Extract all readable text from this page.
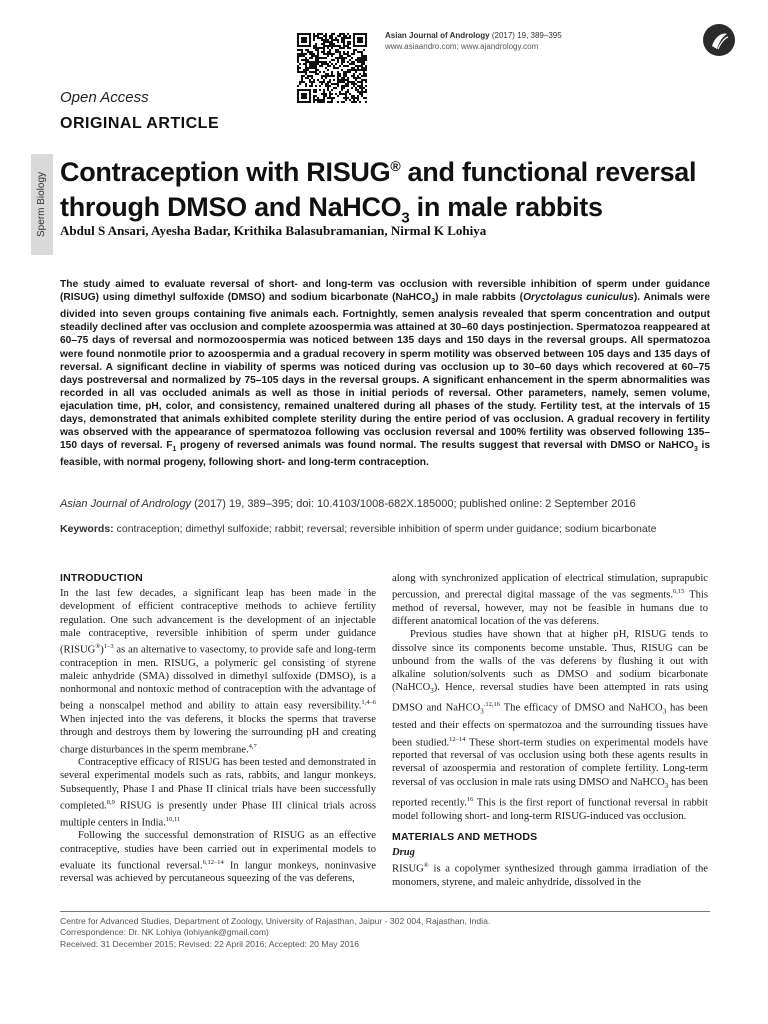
Asian Journal of Andrology (2017) 19, 389–395
www.asiaandro.com; www.ajandrology.com
Open Access
ORIGINAL ARTICLE
Sperm Biology Contraception with RISUG® and functional reversal through DMSO and NaHCO$_3$ in male rabbits
Abdul S Ansari, Ayesha Badar, Krithika Balasubramanian, Nirmal K Lohiya

The study aimed to evaluate reversal of short- and long-term vas occlusion with reversible inhibition of sperm under guidance (RISUG) using dimethyl sulfoxide (DMSO) and sodium bicarbonate (NaHCO$_3$) in male rabbits (Oryctolagus cuniculus). Animals were divided into seven groups containing five animals each. Fortnightly, semen analysis revealed that sperm concentration and output steadily declined after vas occlusion and complete azoospermia was attained at 30–60 days postinjection. Spermatozoa reappeared at 60–75 days of reversal and normozoospermia was noticed between 135 days and 150 days in the reversal groups. All spermatozoa were found nonmotile prior to azoospermia and a gradual recovery in sperm motility was observed between 105 days and 135 days of reversal. A significant decline in viability of sperms was noticed during vas occlusion up to 30–60 days which recovered at 60–75 days postreversal and normalized by 75–105 days in the reversal groups. A significant enhancement in the sperm abnormalities was recorded in all vas occluded animals as well as those in initial periods of reversal. Other parameters, namely, semen volume, ejaculation time, pH, color, and consistency, remained unaltered during all phases of the study. Fertility test, at the intervals of 15 days, demonstrated that animals exhibited complete sterility during the entire period of vas occlusion. A gradual recovery in fertility was observed with the appearance of spermatozoa following vas occlusion reversal and 100% fertility was observed following 135–150 days of reversal. $F_1$ progeny of reversed animals was found normal. The results suggest that reversal with DMSO or NaHCO$_3$ is feasible, with normal progeny, following short- and long-term contraception.

Asian Journal of Andrology (2017) 19, 389–395; doi: 10.4103/1008-682X.185000; published online: 2 September 2016
Keywords: contraception; dimethyl sulfoxide; rabbit; reversal; reversible inhibition of sperm under guidance; sodium bicarbonate
INTRODUCTION

In the last few decades, a significant leap has been made in the development of efficient contraceptive methods to achieve fertility regulation. One such advancement is the development of an injectable male contraceptive, reversible inhibition of sperm under guidance (RISUG®)$^{1-3}$ as an alternative to vasectomy, to provide safe and long-term contraception in men. RISUG, a polymeric gel consisting of styrene maleic anhydride (SMA) dissolved in dimethyl sulfoxide (DMSO), is a nonhormonal and nontoxic method of contraception with the advantage of being a nonscalpel method and ability to attain easy reversibility.$^{1,4-6}$ When injected into the vas deferens, it blocks the sperms that traverse through and destroys them by lowering the surrounding pH and creating charge disturbances in the sperm membrane.$^{4,7}$

Contraceptive efficacy of RISUG has been tested and demonstrated in several experimental models such as rats, rabbits, and langur monkeys. Subsequently, Phase I and Phase II clinical trials have been successfully completed.$^{8,9}$ RISUG is presently under Phase III clinical trials across multiple centers in India.$^{10,11}$

Following the successful demonstration of RISUG as an effective contraceptive, studies have been carried out in experimental models to evaluate its functional reversal.$^{6,12-14}$ In langur monkeys, noninvasive reversal was achieved by percutaneous squeezing of the vas deferens,

along with synchronized application of electrical stimulation, suprapubic percussion, and prerectal digital massage of the vas segments.$^{6,15}$ This method of reversal, however, may not be feasible in humans due to different anatomical location of the vas deferens.

Previous studies have shown that at higher pH, RISUG tends to dissolve since its components become unstable. Thus, RISUG can be unbound from the walls of the vas deferens by flushing it out with alkaline solution/solvents such as DMSO and sodium bicarbonate (NaHCO$_3$). Hence, reversal studies have been attempted in rats using DMSO and NaHCO$_3^{.12,16}$ The efficacy of DMSO and NaHCO$_3$ has been tested and their effects on spermatozoa and the surrounding tissues have been studied.$^{12-14}$ These short-term studies on experimental models have reported that reversal of vas occlusion using both these agents results in reversal of azoospermia and restoration of complete fertility. Long-term reversal of vas occlusion in male rats using DMSO and NaHCO$_3$ has been reported recently.$^{16}$ This is the first report of functional reversal in rabbit model following short- and long-term RISUG-induced vas occlusion.

MATERIALS AND METHODS
Drug

RISUG® is a copolymer synthesized through gamma irradiation of the monomers, styrene, and maleic anhydride, dissolved in the

Centre for Advanced Studies, Department of Zoology, University of Rajasthan, Jaipur - 302 004, Rajasthan, India.
Correspondence: Dr. NK Lohiya (lohiyank@gmail.com)
Received: 31 December 2015; Revised: 22 April 2016; Accepted: 20 May 2016
